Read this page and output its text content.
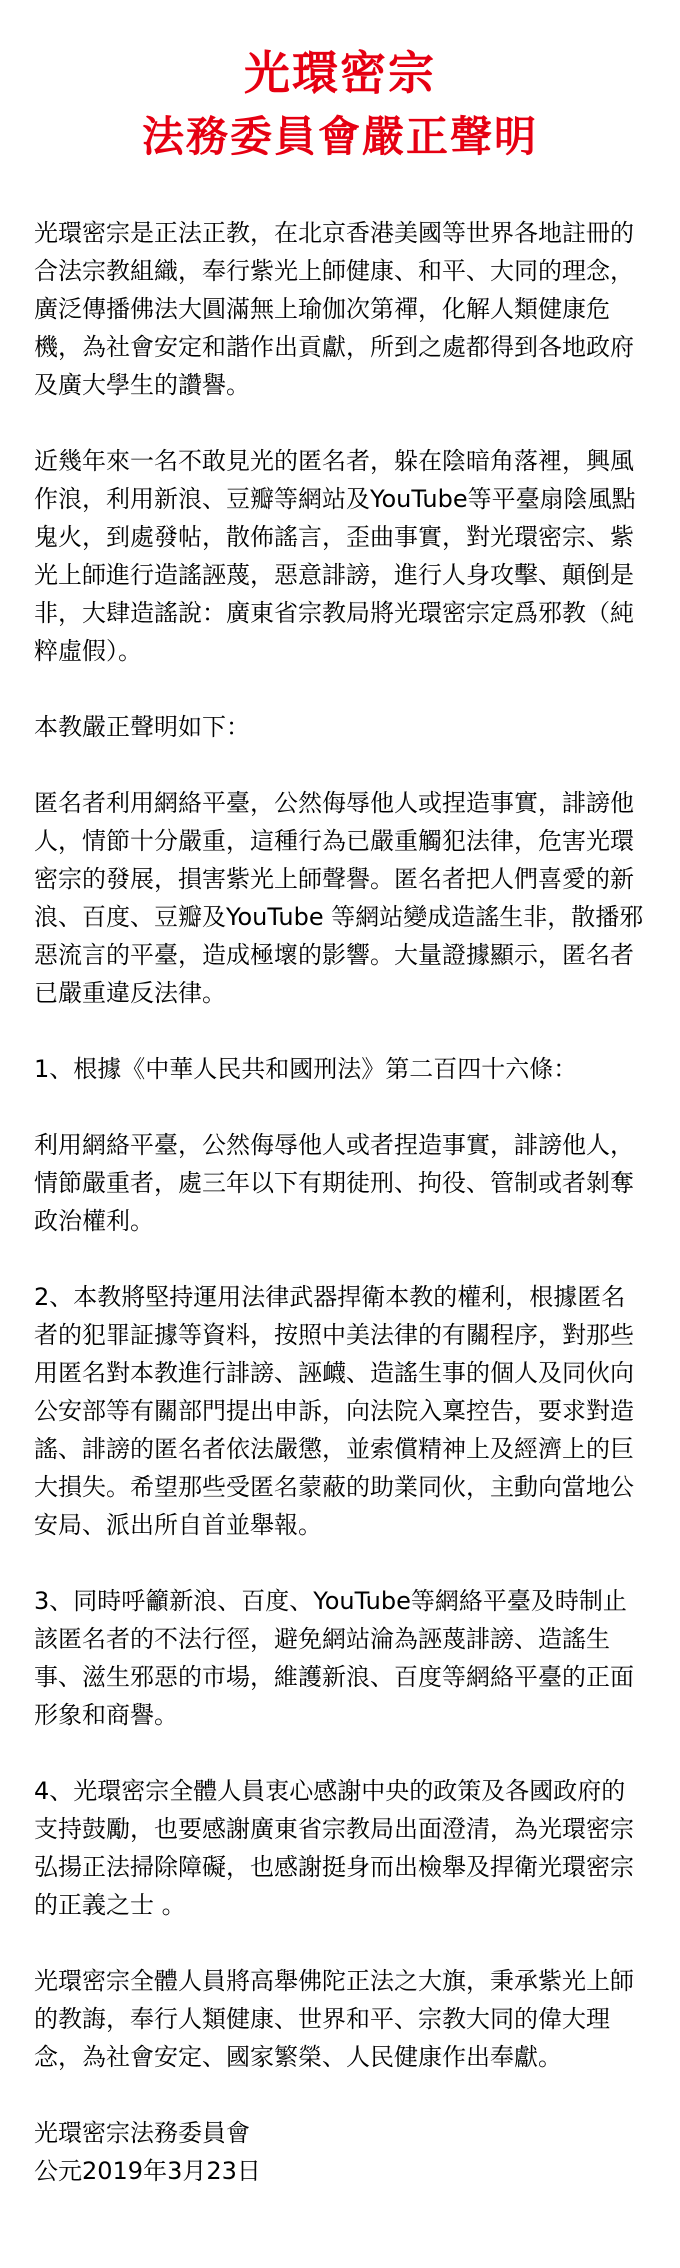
光環密宗
法務委員會嚴正聲明

光環密宗是正法正教，在北京香港美國等世界各地註冊的合法宗教組織，奉行紫光上師健康、和平、大同的理念，廣泛傳播佛法大圓滿無上瑜伽次第禪，化解人類健康危機，為社會安定和諧作出貢獻，所到之處都得到各地政府及廣大學生的讚譽。

近幾年來一名不敢見光的匿名者，躲在陰暗角落裡，興風作浪，利用新浪、豆瓣等網站及YouTube等平臺扇陰風點鬼火，到處發帖，散佈謠言，歪曲事實，對光環密宗、紫光上師進行造謠誣蔑，惡意誹謗，進行人身攻擊、顛倒是非，大肆造謠說：廣東省宗教局將光環密宗定爲邪教（純粹虛假）。

本教嚴正聲明如下：

匿名者利用網絡平臺，公然侮辱他人或捏造事實，誹謗他人，情節十分嚴重，這種行為已嚴重觸犯法律，危害光環密宗的發展，損害紫光上師聲譽。匿名者把人們喜愛的新浪、百度、豆瓣及YouTube 等網站變成造謠生非，散播邪惡流言的平臺，造成極壞的影響。大量證據顯示，匿名者已嚴重違反法律。

1、根據《中華人民共和國刑法》第二百四十六條：

利用網絡平臺，公然侮辱他人或者捏造事實，誹謗他人，情節嚴重者，處三年以下有期徒刑、拘役、管制或者剝奪政治權利。

2、本教將堅持運用法律武器捍衛本教的權利，根據匿名者的犯罪証據等資料，按照中美法律的有關程序，對那些用匿名對本教進行誹謗、誣衊、造謠生事的個人及同伙向公安部等有關部門提出申訴，向法院入稟控告，要求對造謠、誹謗的匿名者依法嚴懲，並索償精神上及經濟上的巨大損失。希望那些受匿名蒙蔽的助業同伙，主動向當地公安局、派出所自首並舉報。

3、同時呼籲新浪、百度、YouTube等網絡平臺及時制止該匿名者的不法行徑，避免網站淪為誣蔑誹謗、造謠生事、滋生邪惡的市場，維護新浪、百度等網絡平臺的正面形象和商譽。

4、光環密宗全體人員衷心感謝中央的政策及各國政府的支持鼓勵，也要感謝廣東省宗教局出面澄清，為光環密宗弘揚正法掃除障礙，也感謝挺身而出檢舉及捍衛光環密宗的正義之士 。

光環密宗全體人員將高舉佛陀正法之大旗，秉承紫光上師的教誨，奉行人類健康、世界和平、宗教大同的偉大理念，為社會安定、國家繁榮、人民健康作出奉獻。

光環密宗法務委員會
公元2019年3月23日
